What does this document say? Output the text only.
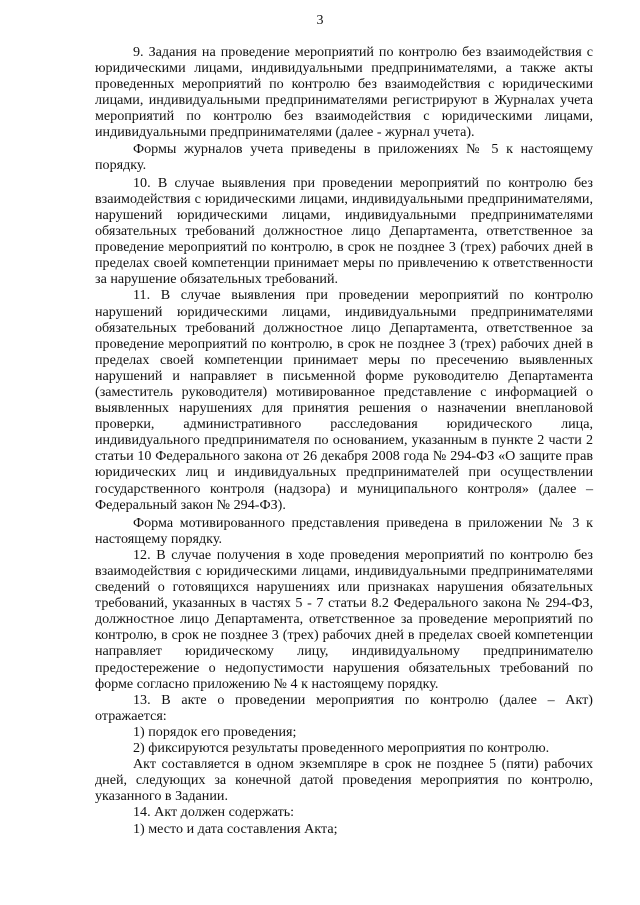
3

9. Задания на проведение мероприятий по контролю без взаимодействия с юридическими лицами, индивидуальными предпринимателями, а также акты проведенных мероприятий по контролю без взаимодействия с юридическими лицами, индивидуальными предпринимателями регистрируют в Журналах учета мероприятий по контролю без взаимодействия с юридическими лицами, индивидуальными предпринимателями (далее - журнал учета).

Формы журналов учета приведены в приложениях № 5 к настоящему порядку.

10. В случае выявления при проведении мероприятий по контролю без взаимодействия с юридическими лицами, индивидуальными предпринимателями, нарушений юридическими лицами, индивидуальными предпринимателями обязательных требований должностное лицо Департамента, ответственное за проведение мероприятий по контролю, в срок не позднее 3 (трех) рабочих дней в пределах своей компетенции принимает меры по привлечению к ответственности за нарушение обязательных требований.

11. В случае выявления при проведении мероприятий по контролю нарушений юридическими лицами, индивидуальными предпринимателями обязательных требований должностное лицо Департамента, ответственное за проведение мероприятий по контролю, в срок не позднее 3 (трех) рабочих дней в пределах своей компетенции принимает меры по пресечению выявленных нарушений и направляет в письменной форме руководителю Департамента (заместитель руководителя) мотивированное представление с информацией о выявленных нарушениях для принятия решения о назначении внеплановой проверки, административного расследования юридического лица, индивидуального предпринимателя по основанием, указанным в пункте 2 части 2 статьи 10 Федерального закона от 26 декабря 2008 года № 294-ФЗ «О защите прав юридических лиц и индивидуальных предпринимателей при осуществлении государственного контроля (надзора) и муниципального контроля» (далее – Федеральный закон № 294-ФЗ).

Форма мотивированного представления приведена в приложении № 3 к настоящему порядку.

12. В случае получения в ходе проведения мероприятий по контролю без взаимодействия с юридическими лицами, индивидуальными предпринимателями сведений о готовящихся нарушениях или признаках нарушения обязательных требований, указанных в частях 5 - 7 статьи 8.2 Федерального закона № 294-ФЗ, должностное лицо Департамента, ответственное за проведение мероприятий по контролю, в срок не позднее 3 (трех) рабочих дней в пределах своей компетенции направляет юридическому лицу, индивидуальному предпринимателю предостережение о недопустимости нарушения обязательных требований по форме согласно приложению № 4 к настоящему порядку.

13. В акте о проведении мероприятия по контролю (далее – Акт) отражается:

1) порядок его проведения;

2) фиксируются результаты проведенного мероприятия по контролю.

Акт составляется в одном экземпляре в срок не позднее 5 (пяти) рабочих дней, следующих за конечной датой проведения мероприятия по контролю, указанного в Задании.

14. Акт должен содержать:

1) место и дата составления Акта;
